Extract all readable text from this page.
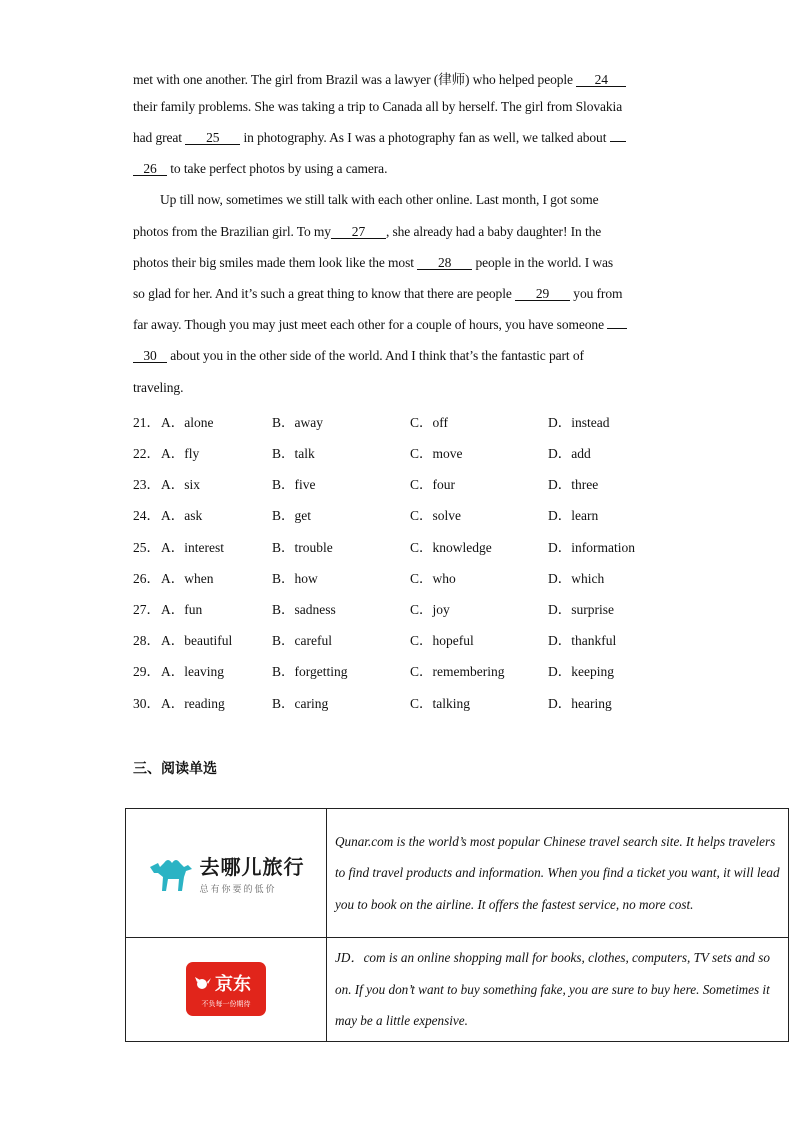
met with one another. The girl from Brazil was a lawyer (律师) who helped people 24
their family problems. She was taking a trip to Canada all by herself. The girl from Slovakia
had great 25 in photography. As I was a photography fan as well, we talked about
26 to take perfect photos by using a camera.
Up till now, sometimes we still talk with each other online. Last month, I got some
photos from the Brazilian girl. To my 27 , she already had a baby daughter! In the
photos their big smiles made them look like the most 28 people in the world. I was
so glad for her. And it’s such a great thing to know that there are people 29 you from
far away. Though you may just meet each other for a couple of hours, you have someone
30 about you in the other side of the world. And I think that’s the fantastic part of
traveling.
21． A．alone	B．away	C．off	D．instead
22． A．fly	B．talk	C．move	D．add
23． A．six	B．five	C．four	D．three
24． A．ask	B．get	C．solve	D．learn
25． A．interest	B．trouble	C．knowledge	D．information
26． A．when	B．how	C．who	D．which
27． A．fun	B．sadness	C．joy	D．surprise
28． A．beautiful	B．careful	C．hopeful	D．thankful
29． A．leaving	B．forgetting	C．remembering	D．keeping
30． A．reading	B．caring	C．talking	D．hearing
三、阅读单选
去哪儿旅行
总有你要的低价	Qunar.com is the world’s most popular Chinese travel search site. It helps travelers to find travel products and information. When you find a ticket you want, it will lead you to book on the airline. It offers the fastest service, no more cost.

京东
不负每一份期待	JD．com is an online shopping mall for books, clothes, computers, TV sets and so on. If you don’t want to buy something fake, you are sure to buy here. Sometimes it may be a little expensive.
